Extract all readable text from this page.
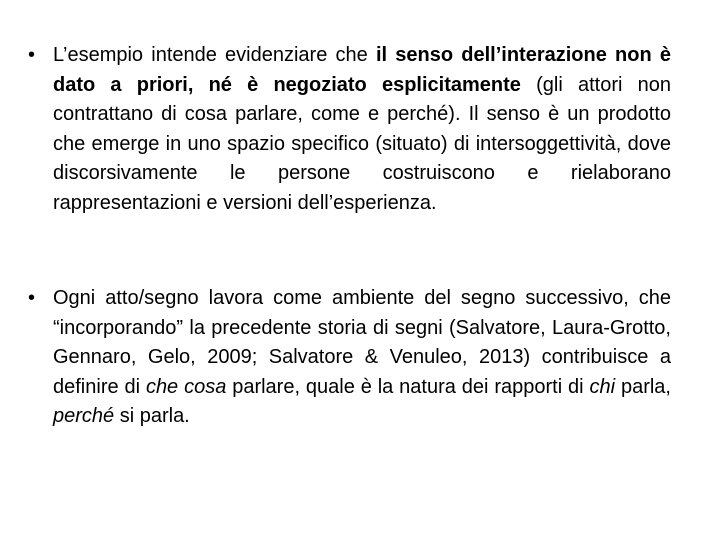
• L’esempio intende evidenziare che il senso dell’interazione non è dato a priori, né è negoziato esplicitamente (gli attori non contrattano di cosa parlare, come e perché). Il senso è un prodotto che emerge in uno spazio specifico (situato) di intersoggettività, dove discorsivamente le persone costruiscono e rielaborano rappresentazioni e versioni dell’esperienza.
• Ogni atto/segno lavora come ambiente del segno successivo, che “incorporando” la precedente storia di segni (Salvatore, Laura-Grotto, Gennaro, Gelo, 2009; Salvatore & Venuleo, 2013) contribuisce a definire di che cosa parlare, quale è la natura dei rapporti di chi parla, perché si parla.
